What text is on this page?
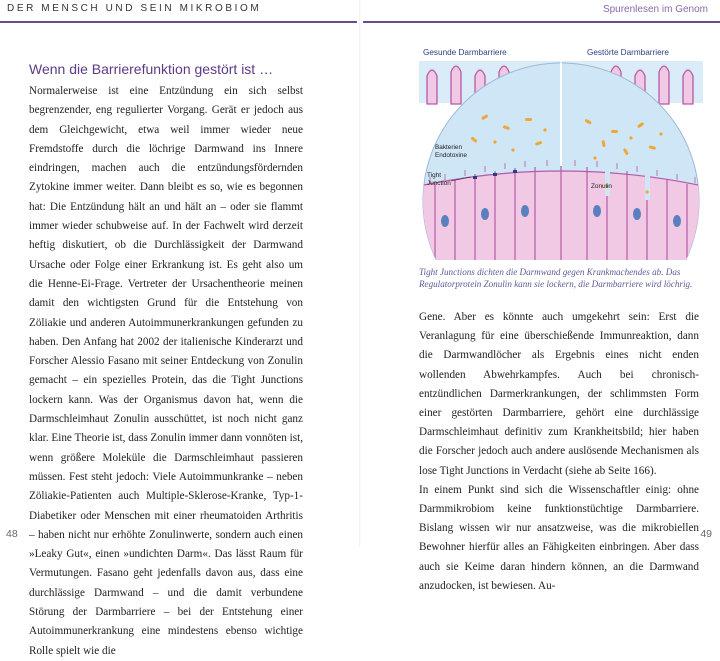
DER MENSCH UND SEIN MIKROBIOM	Spurenlesen im Genom
Wenn die Barrierefunktion gestört ist …

Normalerweise ist eine Entzündung ein sich selbst begrenzender, eng regulierter Vorgang. Gerät er jedoch aus dem Gleichgewicht, etwa weil immer wieder neue Fremdstoffe durch die löchrige Darmwand ins Innere eindringen, machen auch die entzündungsfördernden Zytokine immer weiter. Dann bleibt es so, wie es begonnen hat: Die Entzündung hält an und hält an – oder sie flammt immer wieder schubweise auf. In der Fachwelt wird derzeit heftig diskutiert, ob die Durchlässigkeit der Darmwand Ursache oder Folge einer Erkrankung ist. Es geht also um die Henne-Ei-Frage. Vertreter der Ursachentheorie meinen damit den wichtigsten Grund für die Entstehung von Zöliakie und anderen Autoimmunerkrankungen gefunden zu haben. Den Anfang hat 2002 der italienische Kinderarzt und Forscher Alessio Fasano mit seiner Entdeckung von Zonulin gemacht – ein spezielles Protein, das die Tight Junctions lockern kann. Was der Organismus davon hat, wenn die Darmschleimhaut Zonulin ausschüttet, ist noch nicht ganz klar. Eine Theorie ist, dass Zonulin immer dann vonnöten ist, wenn größere Moleküle die Darmschleimhaut passieren müssen. Fest steht jedoch: Viele Autoimmunkranke – neben Zöliakie-Patienten auch Multiple-Sklerose-Kranke, Typ-1-Diabetiker oder Menschen mit einer rheumatoiden Arthritis – haben nicht nur erhöhte Zonulinwerte, sondern auch einen »Leaky Gut«, einen »undichten Darm«. Das lässt Raum für Vermutungen. Fasano geht jedenfalls davon aus, dass eine durchlässige Darmwand – und die damit verbundene Störung der Darmbarriere – bei der Entstehung einer Autoimmunerkrankung eine mindestens ebenso wichtige Rolle spielt wie die

48
Gesunde Darmbarriere	Gestörte Darmbarriere
Bakterien
Endotoxine
Tight
Junction	Zonulin

Tight Junctions dichten die Darmwand gegen Krankmachendes ab. Das Regulatorprotein Zonulin kann sie lockern, die Darmbarriere wird löchrig.

Gene. Aber es könnte auch umgekehrt sein: Erst die Veranlagung für eine überschießende Immunreaktion, dann die Darmwandlöcher als Ergebnis eines nicht enden wollenden Abwehrkampfes. Auch bei chronisch-entzündlichen Darmerkrankungen, der schlimmsten Form einer gestörten Darmbarriere, gehört eine durchlässige Darmschleimhaut definitiv zum Krankheitsbild; hier haben die Forscher jedoch auch andere auslösende Mechanismen als lose Tight Junctions in Verdacht (siehe ab Seite 166).

In einem Punkt sind sich die Wissenschaftler einig: ohne Darmmikrobiom keine funktionstüchtige Darmbarriere. Bislang wissen wir nur ansatzweise, was die mikrobiellen Bewohner hierfür alles an Fähigkeiten einbringen. Aber dass auch sie Keime daran hindern können, an die Darmwand anzudocken, ist bewiesen. Au-

49
